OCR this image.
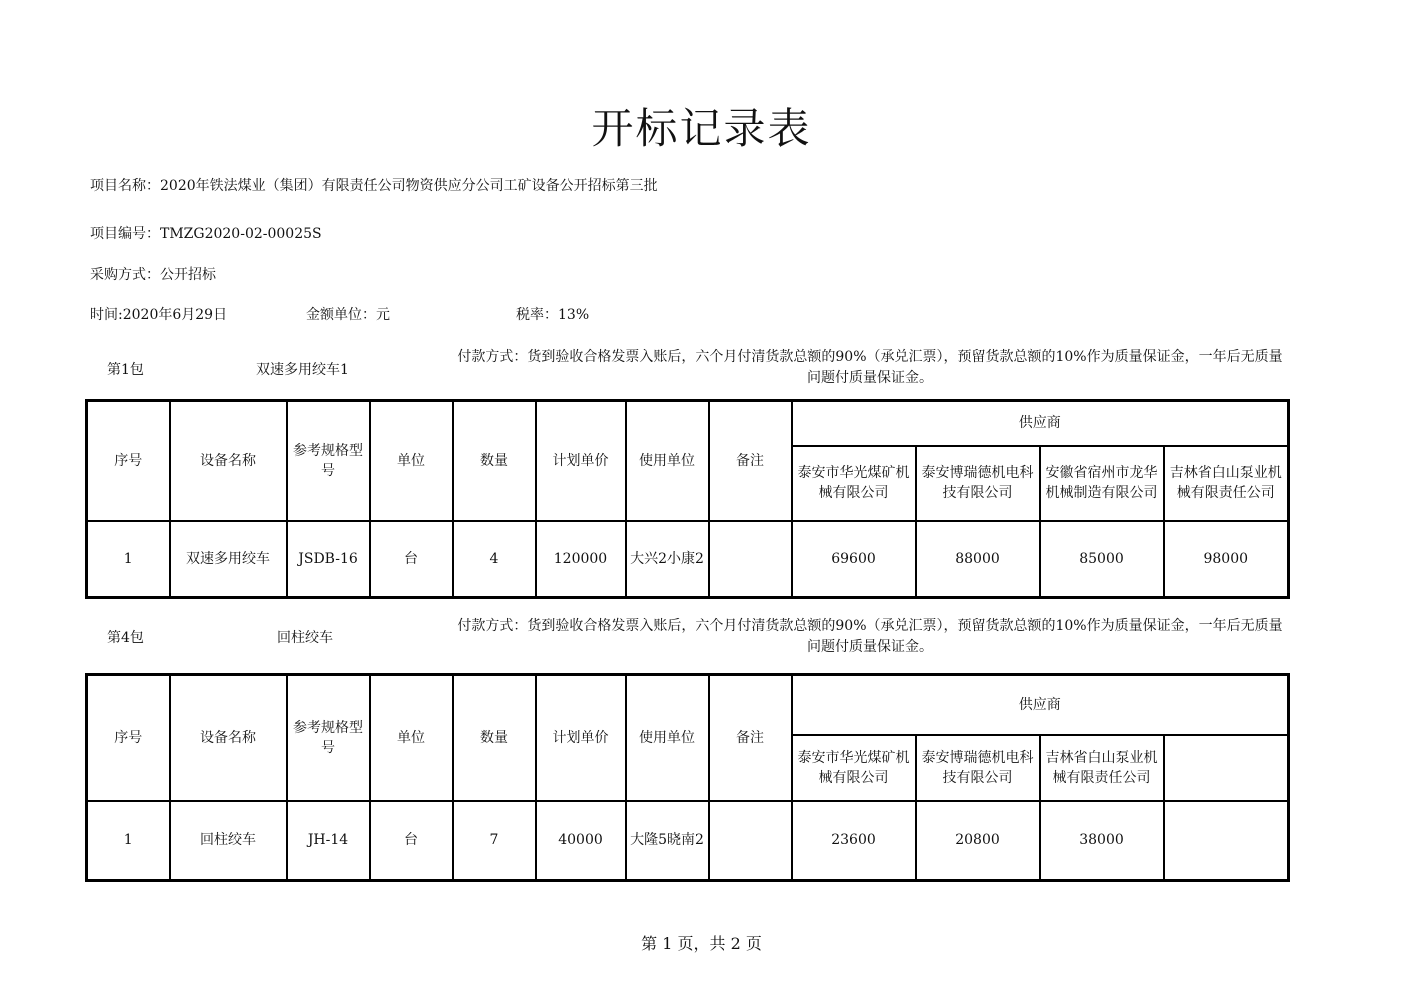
开标记录表
项目名称：2020年铁法煤业（集团）有限责任公司物资供应分公司工矿设备公开招标第三批
项目编号：TMZG2020-02-00025S
采购方式：公开招标
时间:2020年6月29日	金额单位：元	税率：13%
第1包	双速多用绞车1
付款方式：货到验收合格发票入账后，六个月付清货款总额的90%（承兑汇票），预留货款总额的10%作为质量保证金，一年后无质量问题付质量保证金。
序号	设备名称	参考规格型号	单位	数量	计划单价	使用单位	备注	供应商			
								泰安市华光煤矿机械有限公司	泰安博瑞德机电科技有限公司	安徽省宿州市龙华机械制造有限公司	吉林省白山泵业机械有限责任公司
1	双速多用绞车	JSDB-16	台	4	120000	大兴2小康2		69600	88000	85000	98000
第4包	回柱绞车
付款方式：货到验收合格发票入账后，六个月付清货款总额的90%（承兑汇票），预留货款总额的10%作为质量保证金，一年后无质量问题付质量保证金。
序号	设备名称	参考规格型号	单位	数量	计划单价	使用单位	备注	供应商			
								泰安市华光煤矿机械有限公司	泰安博瑞德机电科技有限公司	吉林省白山泵业机械有限责任公司	
1	回柱绞车	JH-14	台	7	40000	大隆5晓南2		23600	20800	38000	
第 1 页，共 2 页
